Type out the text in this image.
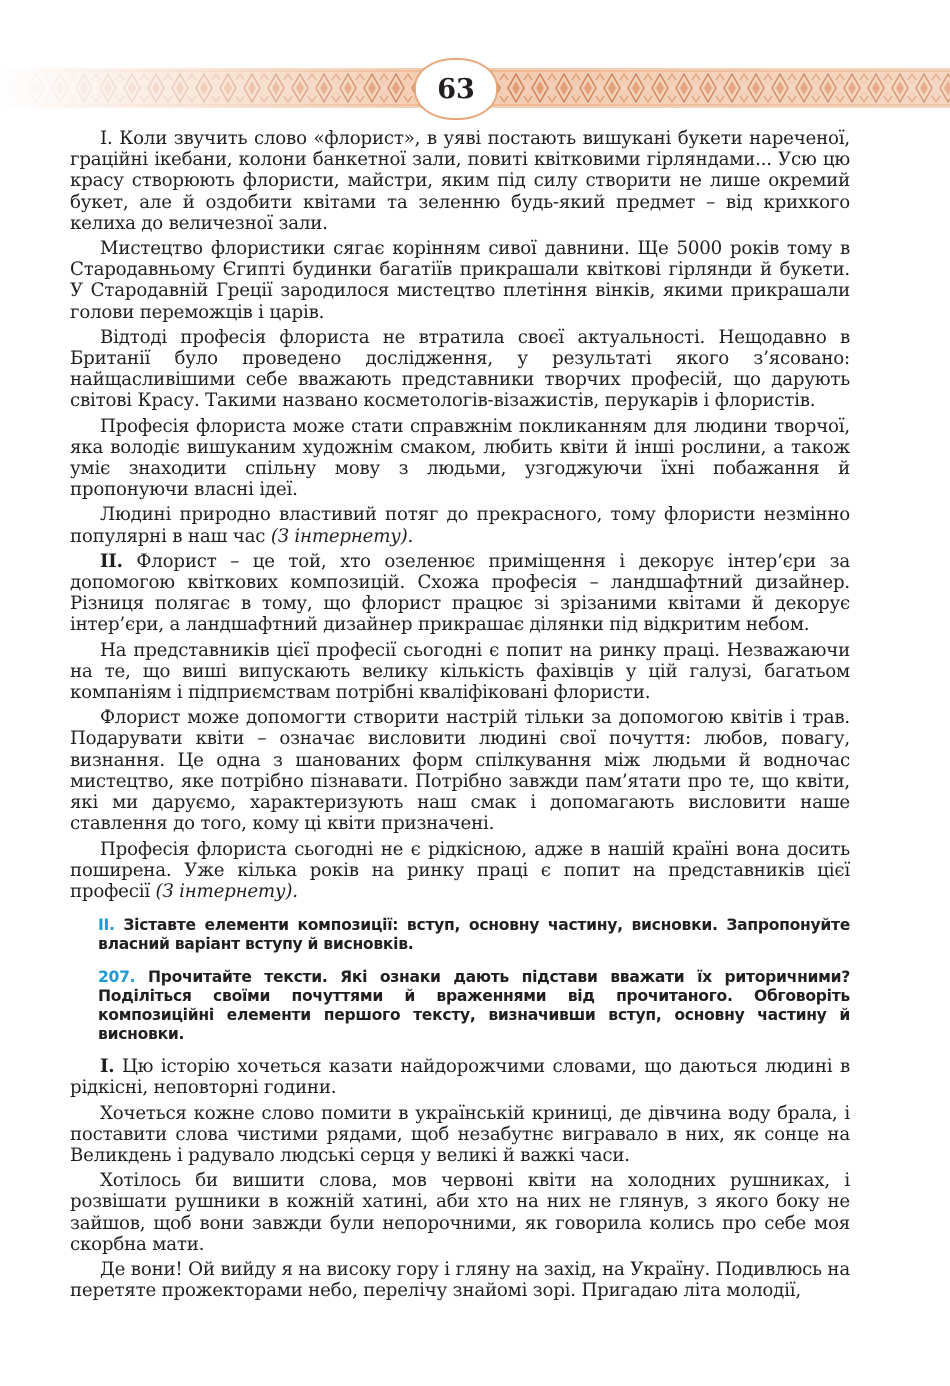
63

I. Коли звучить слово «флорист», в уяві постають вишукані букети нареченої, граційні ікебани, колони банкетної зали, повиті квітковими гірляндами... Усю цю красу створюють флористи, майстри, яким під силу створити не лише окремий букет, але й оздобити квітами та зеленню будь-який предмет – від крихкого келиха до величезної зали.

Мистецтво флористики сягає корінням сивої давнини. Ще 5000 років тому в Стародавньому Єгипті будинки багатіїв прикрашали квіткові гірлянди й букети. У Стародавній Греції зародилося мистецтво плетіння вінків, якими прикрашали голови переможців і царів.

Відтоді професія флориста не втратила своєї актуальності. Нещодавно в Британії було проведено дослідження, у результаті якого з’ясовано: найщасливішими себе вважають представники творчих професій, що дарують світові Красу. Такими названо косметологів-візажистів, перукарів і флористів.

Професія флориста може стати справжнім покликанням для людини творчої, яка володіє вишуканим художнім смаком, любить квіти й інші рослини, а також уміє знаходити спільну мову з людьми, узгоджуючи їхні побажання й пропонуючи власні ідеї.

Людині природно властивий потяг до прекрасного, тому флористи незмінно популярні в наш час (З інтернету).

II. Флорист – це той, хто озеленює приміщення і декорує інтер’єри за допомогою квіткових композицій. Схожа професія – ландшафтний дизайнер. Різниця полягає в тому, що флорист працює зі зрізаними квітами й декорує інтер’єри, а ландшафтний дизайнер прикрашає ділянки під відкритим небом.

На представників цієї професії сьогодні є попит на ринку праці. Незважаючи на те, що виші випускають велику кількість фахівців у цій галузі, багатьом компаніям і підприємствам потрібні кваліфіковані флористи.

Флорист може допомогти створити настрій тільки за допомогою квітів і трав. Подарувати квіти – означає висловити людині свої почуття: любов, повагу, визнання. Це одна з шанованих форм спілкування між людьми й водночас мистецтво, яке потрібно пізнавати. Потрібно завжди пам’ятати про те, що квіти, які ми даруємо, характеризують наш смак і допомагають висловити наше ставлення до того, кому ці квіти призначені.

Професія флориста сьогодні не є рідкісною, адже в нашій країні вона досить поширена. Уже кілька років на ринку праці є попит на представників цієї професії (З інтернету).

II. Зіставте елементи композиції: вступ, основну частину, висновки. Запропонуйте власний варіант вступу й висновків.
207. Прочитайте тексти. Які ознаки дають підстави вважати їх риторичними? Поділіться своїми почуттями й враженнями від прочитаного. Обговоріть композиційні елементи першого тексту, визначивши вступ, основну частину й висновки.

I. Цю історію хочеться казати найдорожчими словами, що даються людині в рідкісні, неповторні години.

Хочеться кожне слово помити в українській криниці, де дівчина воду брала, і поставити слова чистими рядами, щоб незабутнє вигравало в них, як сонце на Великдень і радувало людські серця у великі й важкі часи.

Хотілось би вишити слова, мов червоні квіти на холодних рушниках, і розвішати рушники в кожній хатині, аби хто на них не глянув, з якого боку не зайшов, щоб вони завжди були непорочними, як говорила колись про себе моя скорбна мати.

Де вони! Ой вийду я на високу гору і гляну на захід, на Україну. Подивлюсь на перетяте прожекторами небо, перелічу знайомі зорі. Пригадаю літа молодії,
